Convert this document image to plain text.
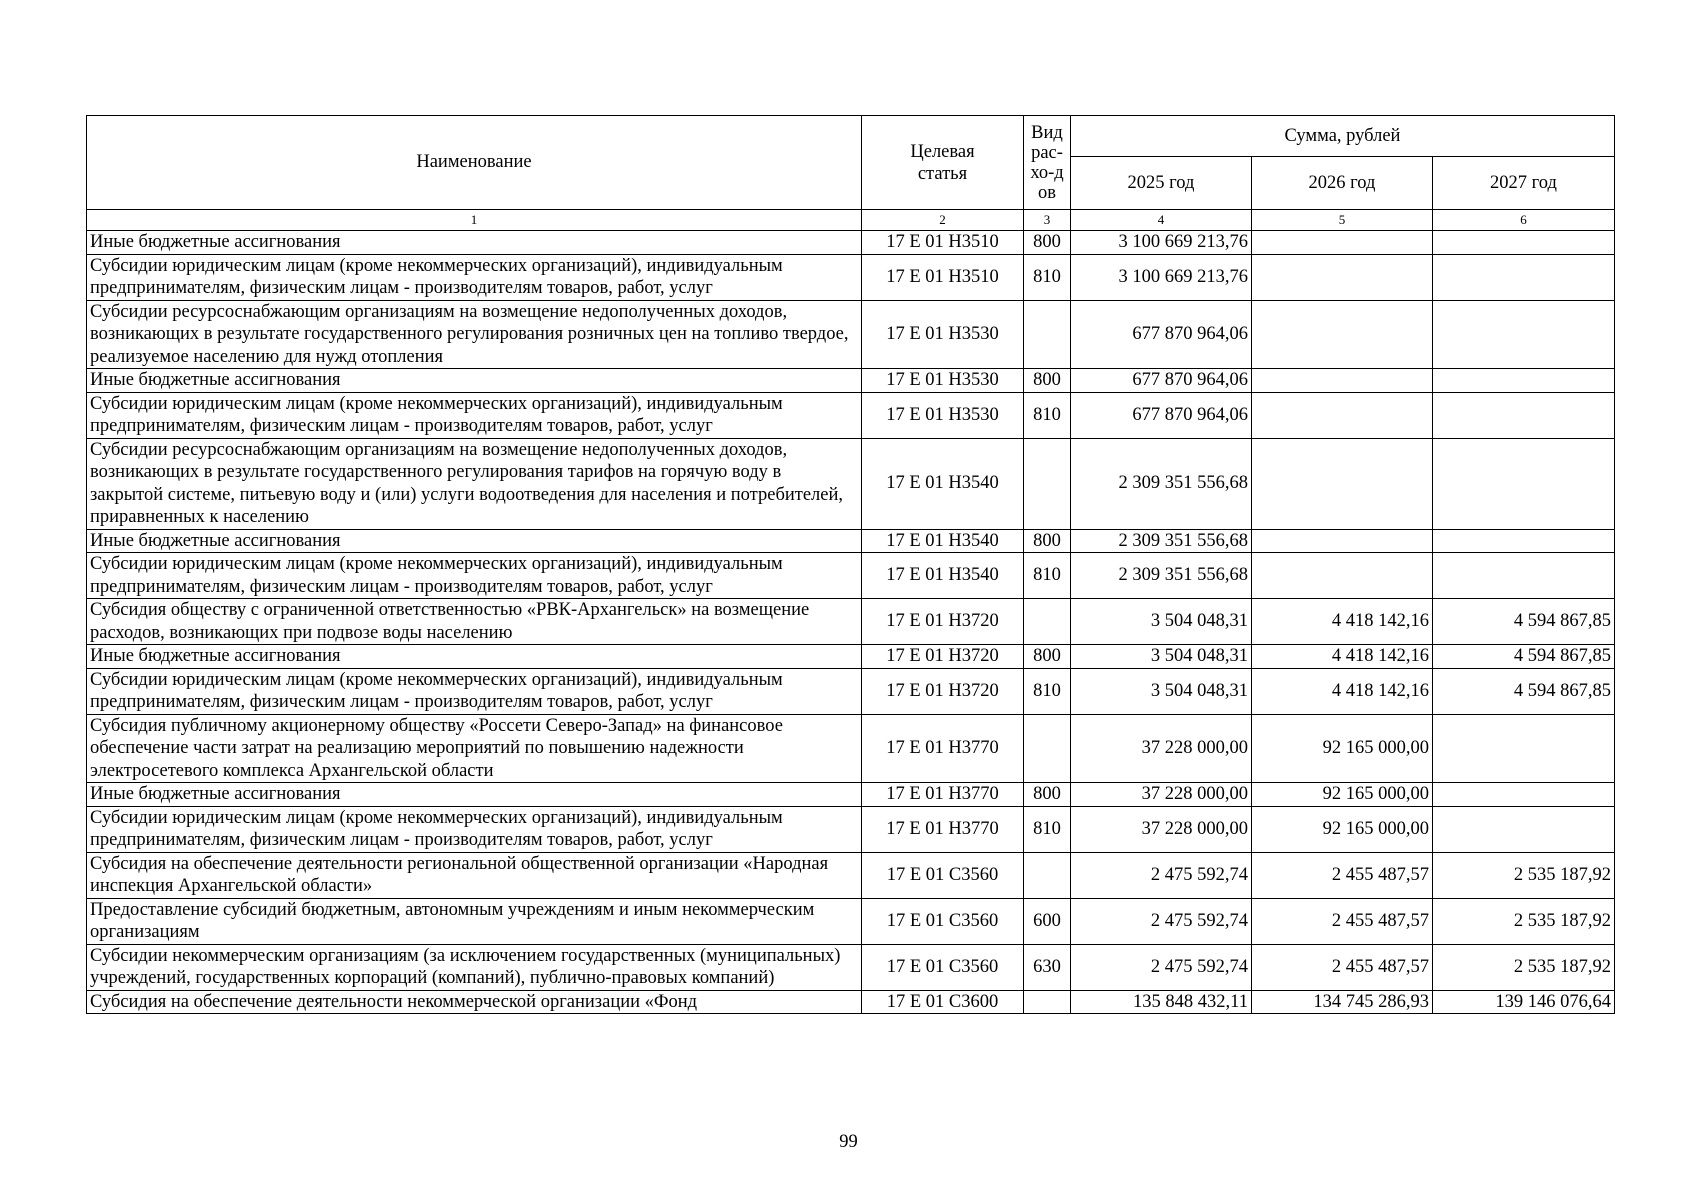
Наименование	Целевая статья	Вид рас-хо-дов	Сумма, рублей		
			2025 год	2026 год	2027 год
1	2	3	4	5	6
Иные бюджетные ассигнования	17 Е 01 Н3510	800	3 100 669 213,76		
Субсидии юридическим лицам (кроме некоммерческих организаций), индивидуальным предпринимателям, физическим лицам - производителям товаров, работ, услуг	17 Е 01 Н3510	810	3 100 669 213,76		
Субсидии ресурсоснабжающим организациям на возмещение недополученных доходов, возникающих в результате государственного регулирования розничных цен на топливо твердое, реализуемое населению для нужд отопления	17 Е 01 Н3530		677 870 964,06		
Иные бюджетные ассигнования	17 Е 01 Н3530	800	677 870 964,06		
Субсидии юридическим лицам (кроме некоммерческих организаций), индивидуальным предпринимателям, физическим лицам - производителям товаров, работ, услуг	17 Е 01 Н3530	810	677 870 964,06		
Субсидии ресурсоснабжающим организациям на возмещение недополученных доходов, возникающих в результате государственного регулирования тарифов на горячую воду в закрытой системе, питьевую воду и (или) услуги водоотведения для населения и потребителей, приравненных к населению	17 Е 01 Н3540		2 309 351 556,68		
Иные бюджетные ассигнования	17 Е 01 Н3540	800	2 309 351 556,68		
Субсидии юридическим лицам (кроме некоммерческих организаций), индивидуальным предпринимателям, физическим лицам - производителям товаров, работ, услуг	17 Е 01 Н3540	810	2 309 351 556,68		
Субсидия обществу с ограниченной ответственностью «РВК-Архангельск» на возмещение расходов, возникающих при подвозе воды населению	17 Е 01 Н3720		3 504 048,31	4 418 142,16	4 594 867,85
Иные бюджетные ассигнования	17 Е 01 Н3720	800	3 504 048,31	4 418 142,16	4 594 867,85
Субсидии юридическим лицам (кроме некоммерческих организаций), индивидуальным предпринимателям, физическим лицам - производителям товаров, работ, услуг	17 Е 01 Н3720	810	3 504 048,31	4 418 142,16	4 594 867,85
Субсидия публичному акционерному обществу «Россети Северо-Запад» на финансовое обеспечение части затрат на реализацию мероприятий по повышению надежности электросетевого комплекса Архангельской области	17 Е 01 Н3770		37 228 000,00	92 165 000,00	
Иные бюджетные ассигнования	17 Е 01 Н3770	800	37 228 000,00	92 165 000,00	
Субсидии юридическим лицам (кроме некоммерческих организаций), индивидуальным предпринимателям, физическим лицам - производителям товаров, работ, услуг	17 Е 01 Н3770	810	37 228 000,00	92 165 000,00	
Субсидия на обеспечение деятельности региональной общественной организации «Народная инспекция Архангельской области»	17 Е 01 С3560		2 475 592,74	2 455 487,57	2 535 187,92
Предоставление субсидий бюджетным, автономным учреждениям и иным некоммерческим организациям	17 Е 01 С3560	600	2 475 592,74	2 455 487,57	2 535 187,92
Субсидии некоммерческим организациям (за исключением государственных (муниципальных) учреждений, государственных корпораций (компаний), публично-правовых компаний)	17 Е 01 С3560	630	2 475 592,74	2 455 487,57	2 535 187,92
Субсидия на обеспечение деятельности некоммерческой организации «Фонд	17 Е 01 С3600		135 848 432,11	134 745 286,93	139 146 076,64
99
